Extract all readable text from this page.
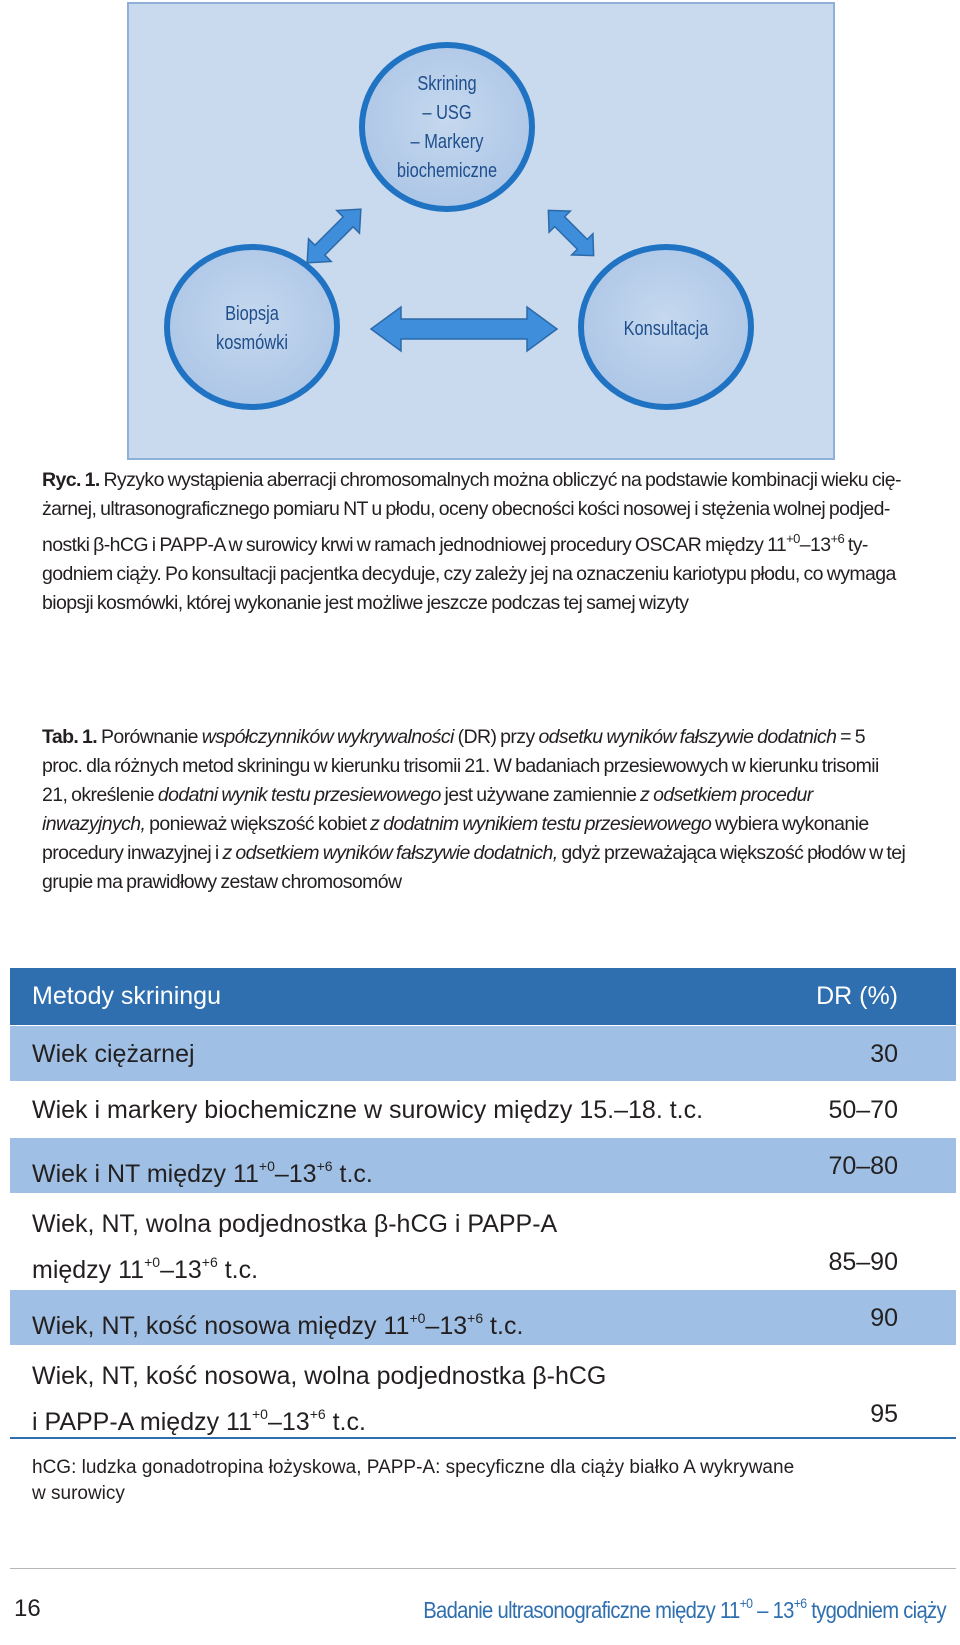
Skrining
– USG
– Markery
biochemiczne
Biopsja
kosmówki
Konsultacja
Ryc. 1. Ryzyko wystąpienia aberracji chromosomalnych można obliczyć na podstawie kombinacji wieku cię-
żarnej, ultrasonograficznego pomiaru NT u płodu, oceny obecności kości nosowej i stężenia wolnej podjed-
nostki β-hCG i PAPP-A w surowicy krwi w ramach jednodniowej procedury OSCAR między $11^{+0}-13^{+6}$ ty-
godniem ciąży. Po konsultacji pacjentka decyduje, czy zależy jej na oznaczeniu kariotypu płodu, co wymaga
biopsji kosmówki, której wykonanie jest możliwe jeszcze podczas tej samej wizyty
Tab. 1. Porównanie współczynników wykrywalności (DR) przy odsetku wyników fałszywie dodatnich = 5
proc. dla różnych metod skriningu w kierunku trisomii 21. W badaniach przesiewowych w kierunku trisomii
21, określenie dodatni wynik testu przesiewowego jest używane zamiennie z odsetkiem procedur
inwazyjnych, ponieważ większość kobiet z dodatnim wynikiem testu przesiewowego wybiera wykonanie
procedury inwazyjnej i z odsetkiem wyników fałszywie dodatnich, gdyż przeważająca większość płodów w tej
grupie ma prawidłowy zestaw chromosomów
Metody skriningu	DR (%)
Wiek ciężarnej	30
Wiek i markery biochemiczne w surowicy między 15.–18. t.c.	50–70
Wiek i NT między $11^{+0}-13^{+6}$ t.c.	70–80
Wiek, NT, wolna podjednostka β-hCG i PAPP-A
między $11^{+0}-13^{+6}$ t.c.	85–90
Wiek, NT, kość nosowa między $11^{+0}-13^{+6}$ t.c.	90
Wiek, NT, kość nosowa, wolna podjednostka β-hCG
i PAPP-A między $11^{+0}-13^{+6}$ t.c.	95
hCG: ludzka gonadotropina łożyskowa, PAPP-A: specyficzne dla ciąży białko A wykrywane
w surowicy
16	Badanie ultrasonograficzne między $11^{+0} - 13^{+6}$ tygodniem ciąży
